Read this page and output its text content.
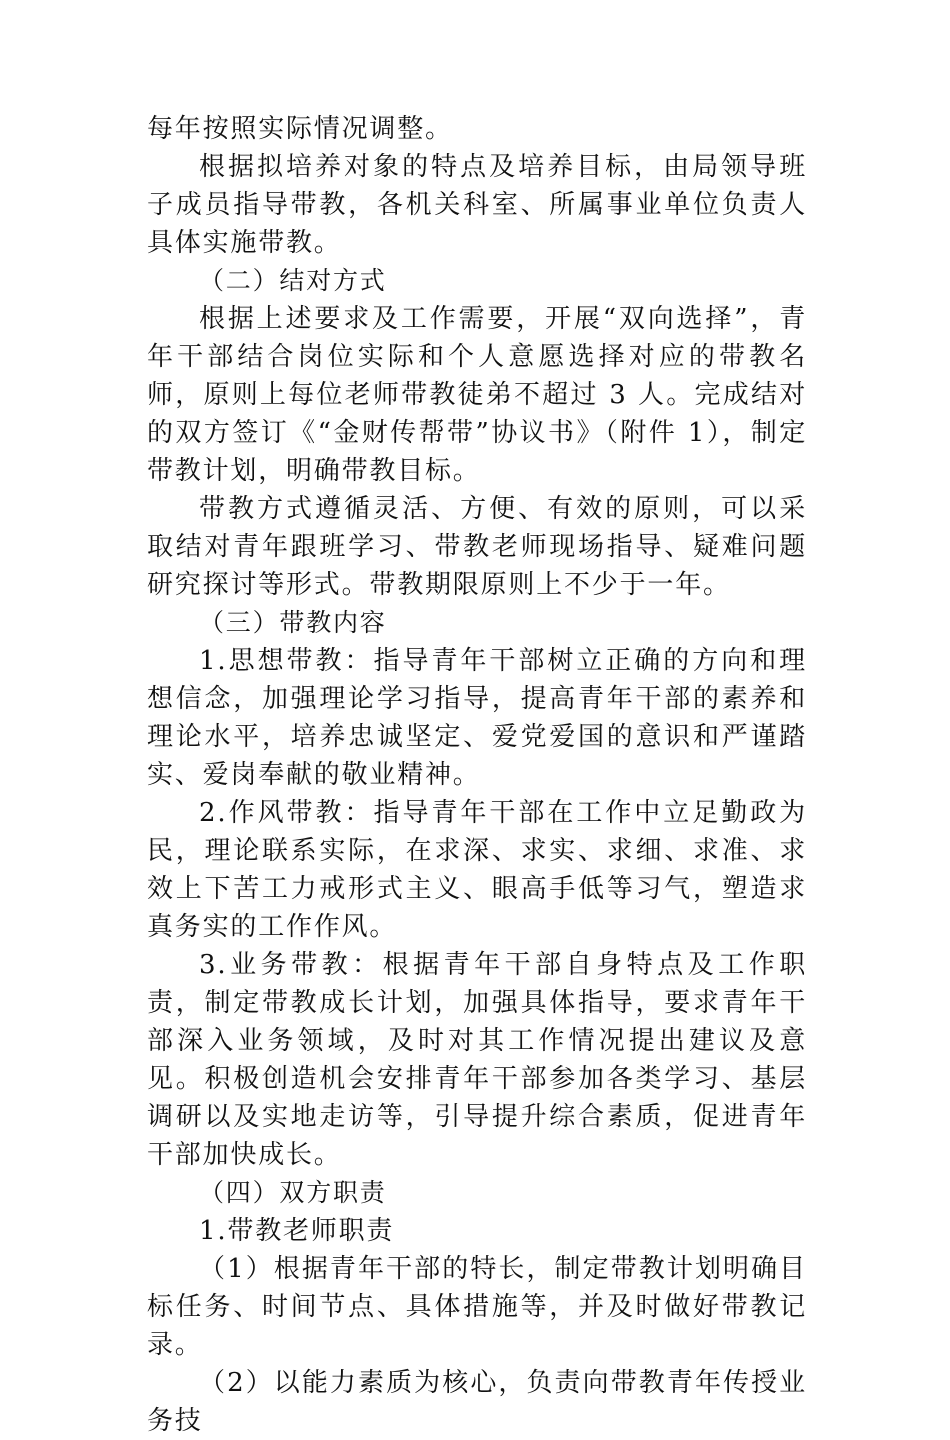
每年按照实际情况调整。

根据拟培养对象的特点及培养目标，由局领导班子成员指导带教，各机关科室、所属事业单位负责人具体实施带教。

（二）结对方式

根据上述要求及工作需要，开展“双向选择”，青年干部结合岗位实际和个人意愿选择对应的带教名师，原则上每位老师带教徒弟不超过 3 人。完成结对的双方签订《“金财传帮带”协议书》（附件 1），制定带教计划，明确带教目标。

带教方式遵循灵活、方便、有效的原则，可以采取结对青年跟班学习、带教老师现场指导、疑难问题研究探讨等形式。带教期限原则上不少于一年。

（三）带教内容

1.思想带教：指导青年干部树立正确的方向和理想信念，加强理论学习指导，提高青年干部的素养和理论水平，培养忠诚坚定、爱党爱国的意识和严谨踏实、爱岗奉献的敬业精神。

2.作风带教：指导青年干部在工作中立足勤政为民，理论联系实际，在求深、求实、求细、求准、求效上下苦工力戒形式主义、眼高手低等习气，塑造求真务实的工作作风。

3.业务带教：根据青年干部自身特点及工作职责，制定带教成长计划，加强具体指导，要求青年干部深入业务领域，及时对其工作情况提出建议及意见。积极创造机会安排青年干部参加各类学习、基层调研以及实地走访等，引导提升综合素质，促进青年干部加快成长。

（四）双方职责

1.带教老师职责

（1）根据青年干部的特长，制定带教计划明确目标任务、时间节点、具体措施等，并及时做好带教记录。

（2）以能力素质为核心，负责向带教青年传授业务技
